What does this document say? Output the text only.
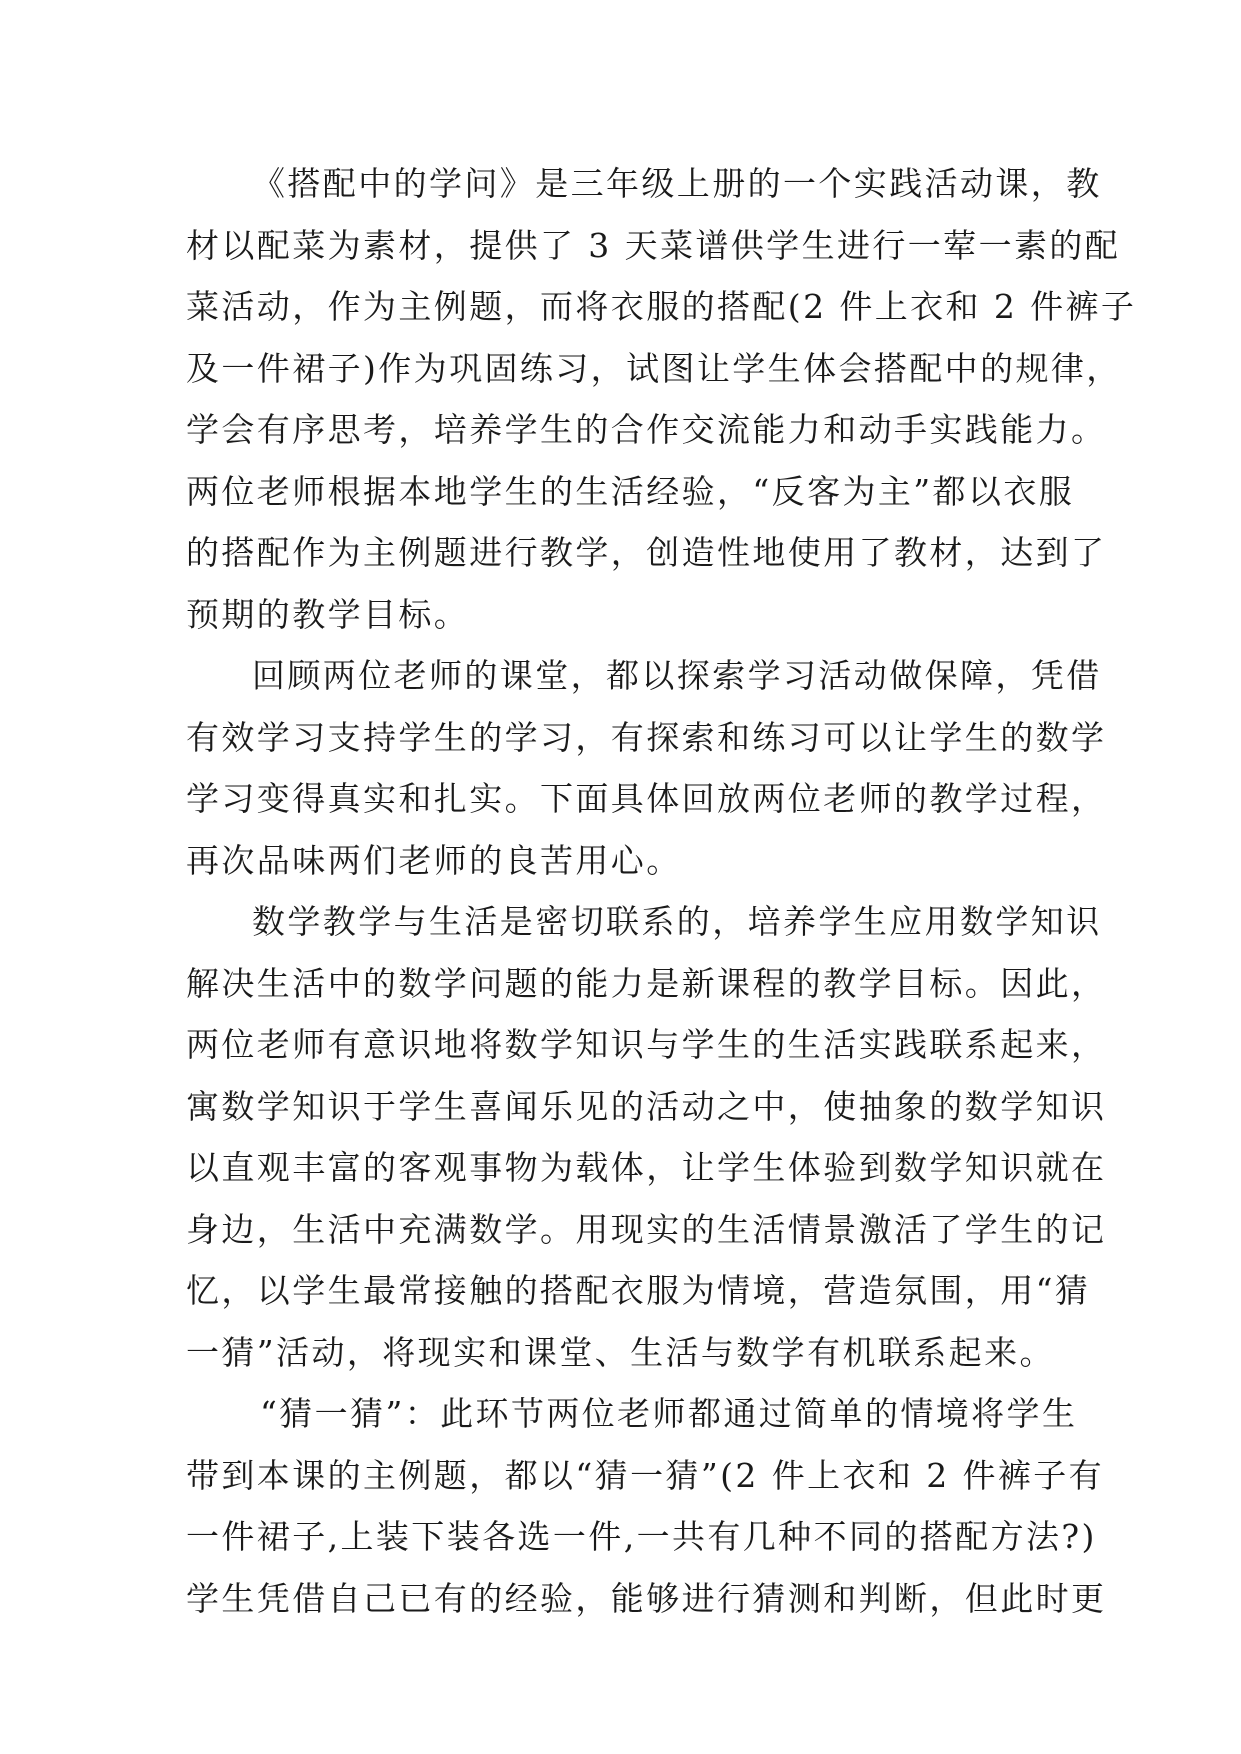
《搭配中的学问》是三年级上册的一个实践活动课，教
材以配菜为素材，提供了 3 天菜谱供学生进行一荤一素的配
菜活动，作为主例题，而将衣服的搭配(2 件上衣和 2 件裤子
及一件裙子)作为巩固练习，试图让学生体会搭配中的规律，
学会有序思考，培养学生的合作交流能力和动手实践能力。
两位老师根据本地学生的生活经验，“反客为主”都以衣服
的搭配作为主例题进行教学，创造性地使用了教材，达到了
预期的教学目标。
回顾两位老师的课堂，都以探索学习活动做保障，凭借
有效学习支持学生的学习，有探索和练习可以让学生的数学
学习变得真实和扎实。下面具体回放两位老师的教学过程，
再次品味两们老师的良苦用心。
数学教学与生活是密切联系的，培养学生应用数学知识
解决生活中的数学问题的能力是新课程的教学目标。因此，
两位老师有意识地将数学知识与学生的生活实践联系起来，
寓数学知识于学生喜闻乐见的活动之中，使抽象的数学知识
以直观丰富的客观事物为载体，让学生体验到数学知识就在
身边，生活中充满数学。用现实的生活情景激活了学生的记
忆，以学生最常接触的搭配衣服为情境，营造氛围，用“猜
一猜”活动，将现实和课堂、生活与数学有机联系起来。
“猜一猜”：此环节两位老师都通过简单的情境将学生
带到本课的主例题，都以“猜一猜”(2 件上衣和 2 件裤子有
一件裙子,上装下装各选一件,一共有几种不同的搭配方法?)
学生凭借自己已有的经验，能够进行猜测和判断，但此时更
